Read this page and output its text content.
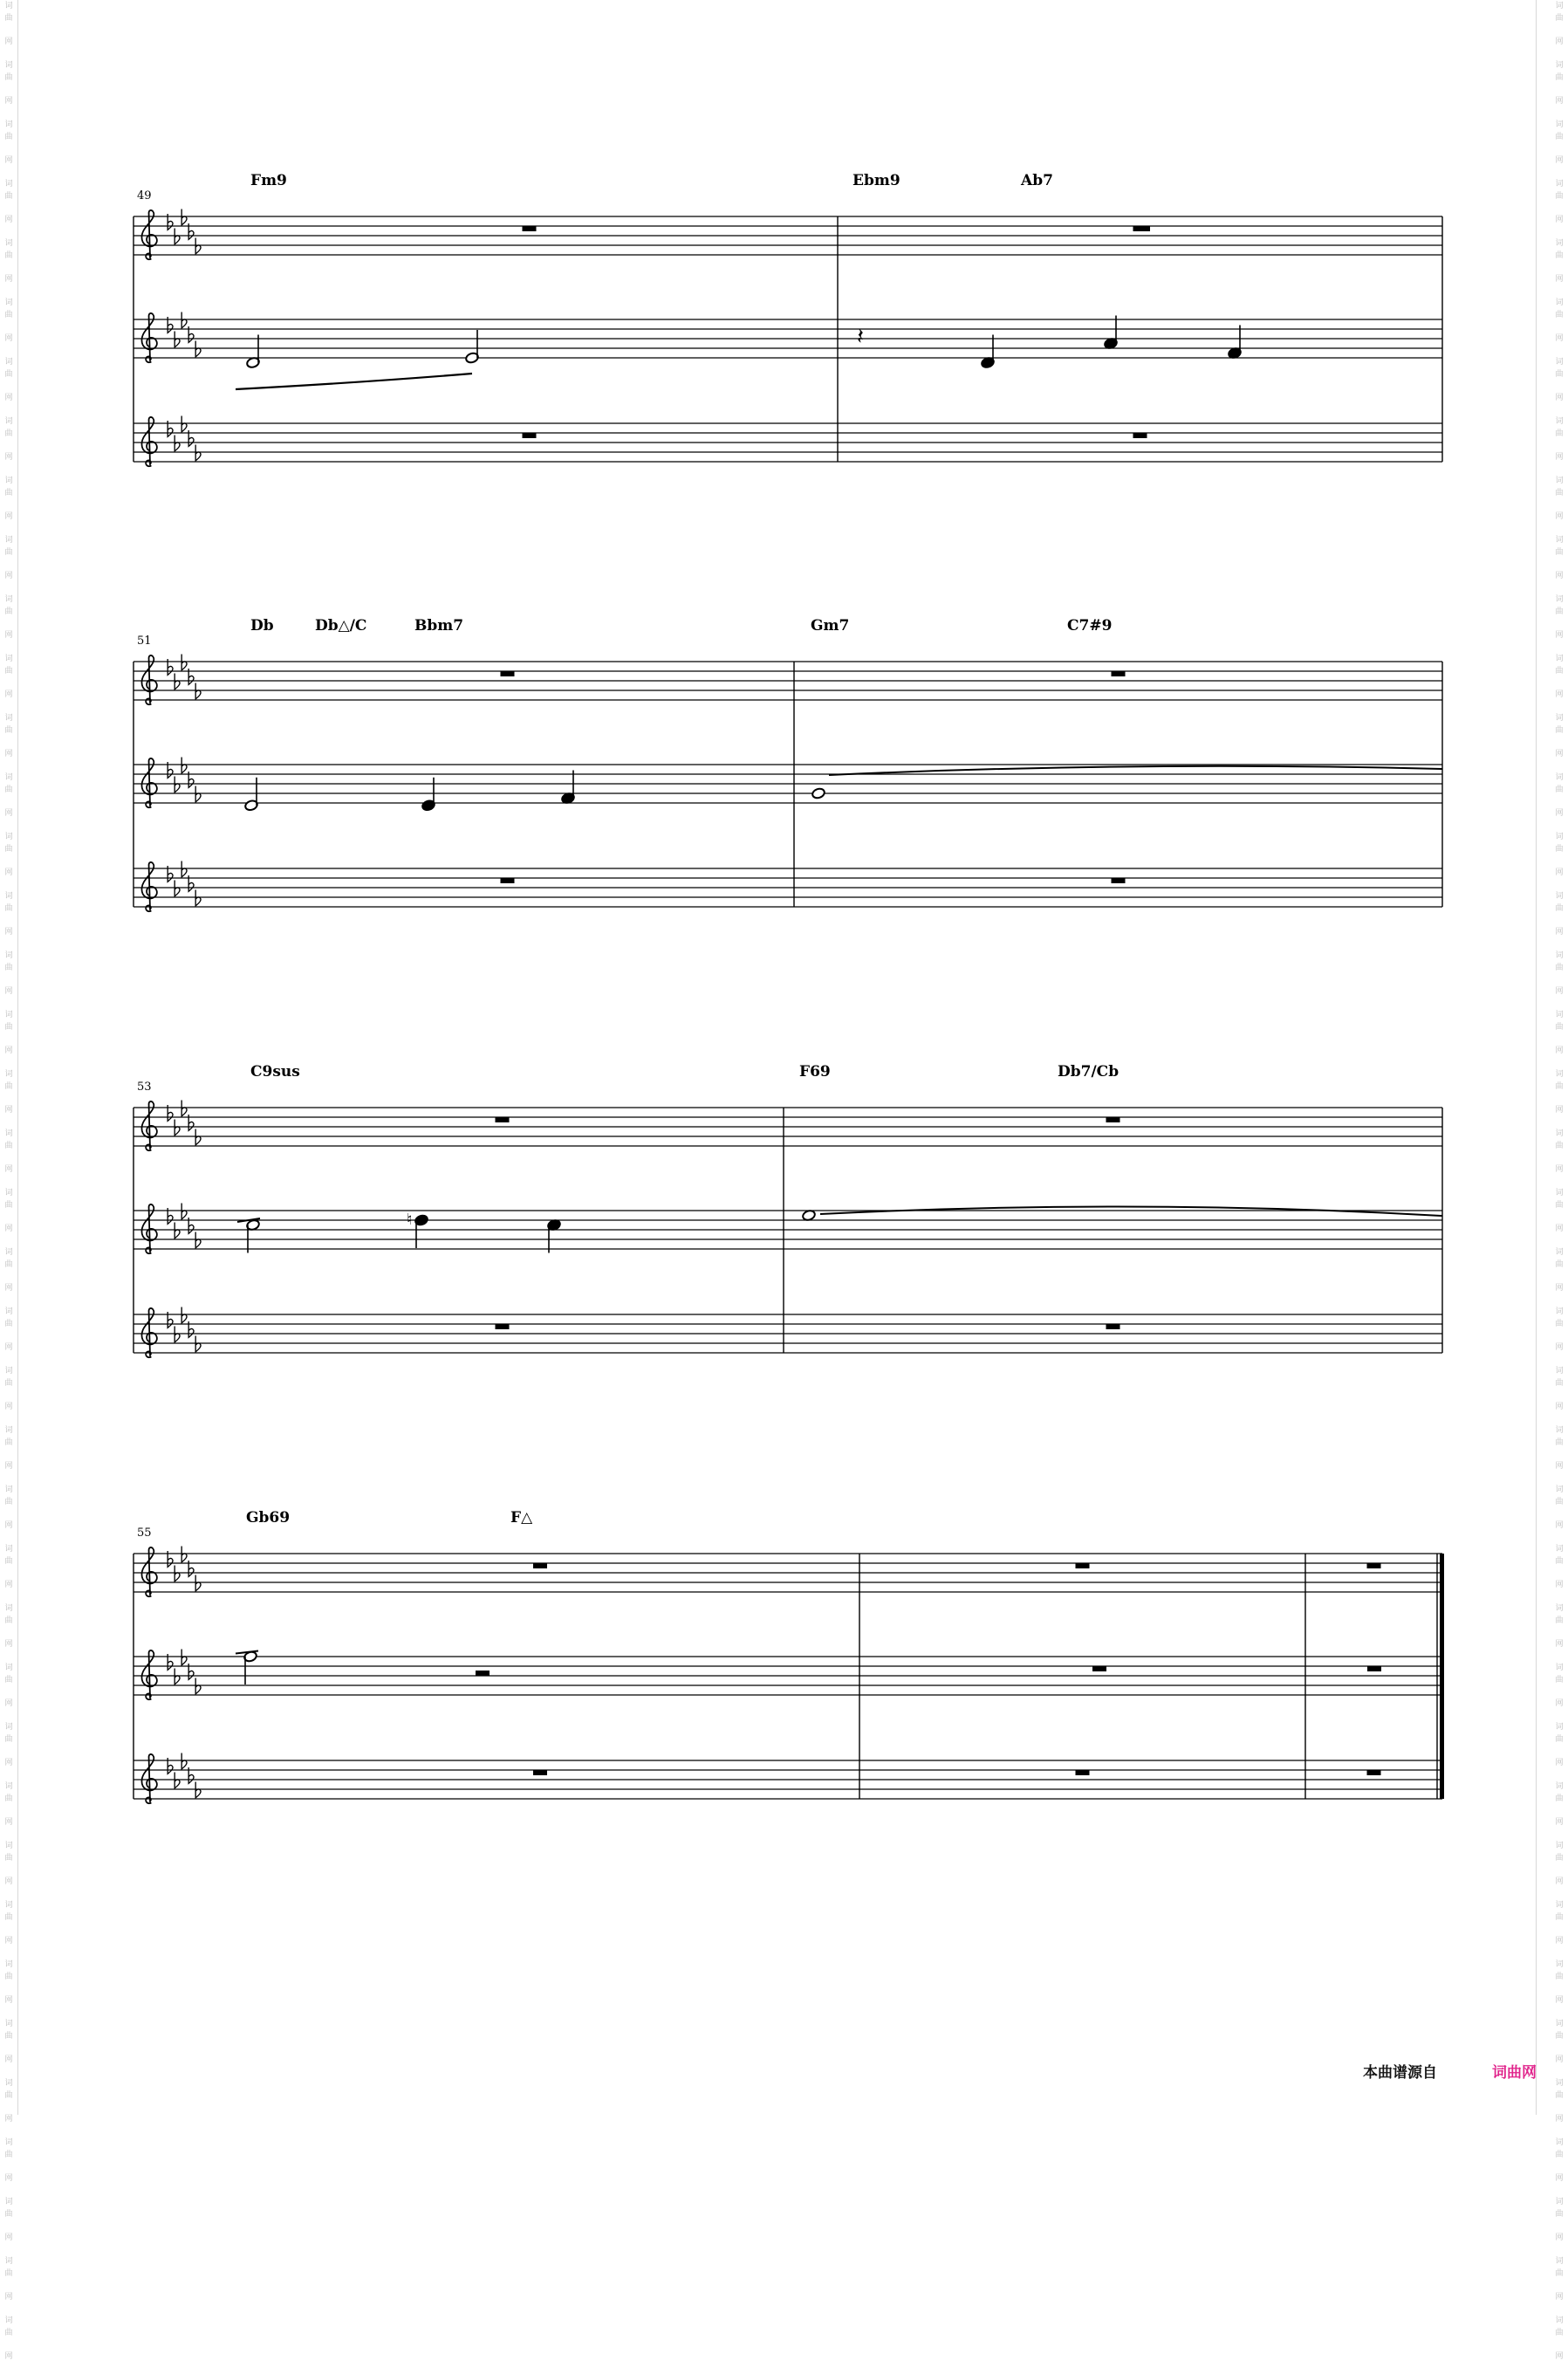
词
曲
网
词
曲
网
词
曲
网
词
曲
网
词
曲
网
词
曲
网
词
曲
网
词
曲
网
词
曲
网
词
曲
网
词
曲
网
词
曲
网
词
曲
网
词
曲
网
词
曲
网
词
曲
网
词
曲
网
词
曲
网
词
曲
网
词
曲
网
词
曲
网
词
曲
网
词
曲
网
词
曲
网
词
曲
网
词
曲
网
词
曲
网
词
曲
网
词
曲
网
词
曲
网
词
曲
网
词
曲
网
词
曲
网
词
曲
网
词
曲
网
词
曲
网
词
曲
网
词
曲
网
词
曲
网
词
曲
网
词
曲
网
词
曲
网
词
曲
网
词
曲
网
词
曲
网
词
曲
网
词
曲
网
词
曲
网
词
曲
网
词
曲
网
词
曲
网
词
曲
网
词
曲
网
词
曲
网
词
曲
网
词
曲
网
词
曲
网
词
曲
网
词
曲
网
词
曲
网
词
曲
网
词
曲
网
词
曲
网
词
曲
网
词
曲
网
词
曲
网
词
曲
网
词
曲
网
词
曲
网
词
曲
网
词
曲
网
词
曲
网
词
曲
网
词
曲
网
词
曲
网
词
曲
网
词
曲
网
词
曲
网
词
曲
网
词
曲
网
49
Fm9	Ebm9	Ab7
𝄽
51
Db	Db△/C	Bbm7	Gm7	C7#9
53
C9sus	F69	Db7/Cb
♮
55
Gb69	F△
本曲谱源自	词曲网
